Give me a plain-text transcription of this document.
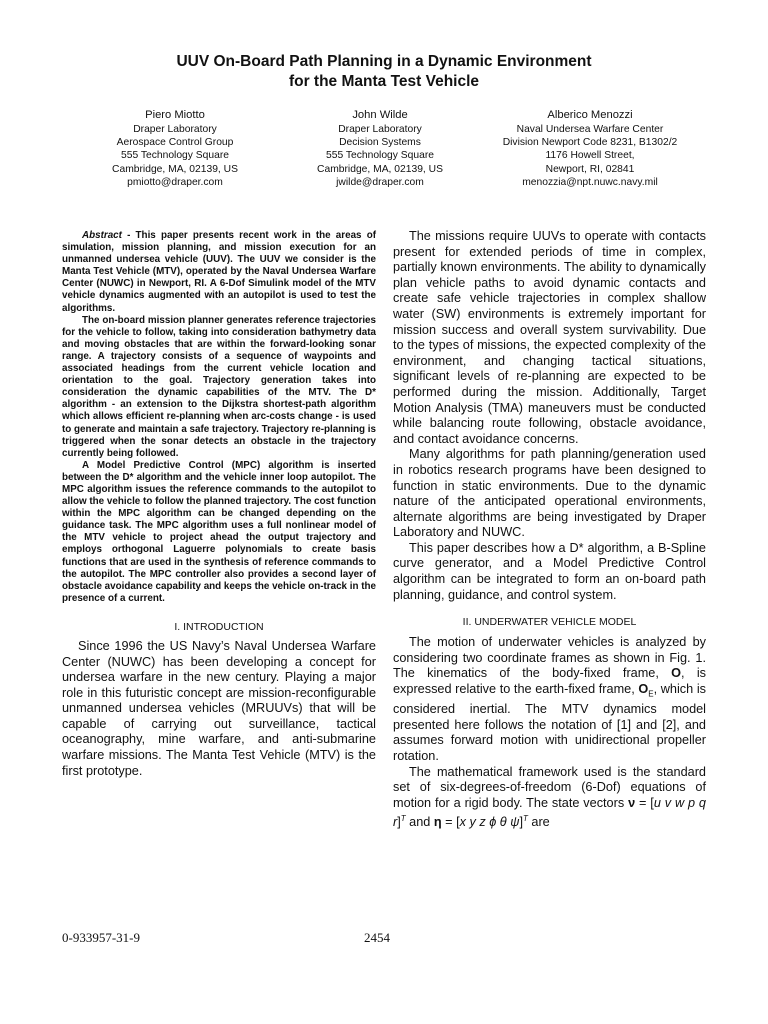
UUV On-Board Path Planning in a Dynamic Environment
for the Manta Test Vehicle
Piero Miotto
Draper Laboratory
Aerospace Control Group
555 Technology Square
Cambridge, MA, 02139, US
pmiotto@draper.com
John Wilde
Draper Laboratory
Decision Systems
555 Technology Square
Cambridge, MA, 02139, US
jwilde@draper.com
Alberico Menozzi
Naval Undersea Warfare Center
Division Newport Code 8231, B1302/2
1176 Howell Street,
Newport, RI, 02841
menozzia@npt.nuwc.navy.mil

Abstract - This paper presents recent work in the areas of simulation, mission planning, and mission execution for an unmanned undersea vehicle (UUV). The UUV we consider is the Manta Test Vehicle (MTV), operated by the Naval Undersea Warfare Center (NUWC) in Newport, RI. A 6-Dof Simulink model of the MTV vehicle dynamics augmented with an autopilot is used to test the algorithms.

The on-board mission planner generates reference trajectories for the vehicle to follow, taking into consideration bathymetry data and moving obstacles that are within the forward-looking sonar range. A trajectory consists of a sequence of waypoints and associated headings from the current vehicle location and orientation to the goal. Trajectory generation takes into consideration the dynamic capabilities of the MTV. The D* algorithm - an extension to the Dijkstra shortest-path algorithm which allows efficient re-planning when arc-costs change - is used to generate and maintain a safe trajectory. Trajectory re-planning is triggered when the sonar detects an obstacle in the trajectory currently being followed.

A Model Predictive Control (MPC) algorithm is inserted between the D* algorithm and the vehicle inner loop autopilot. The MPC algorithm issues the reference commands to the autopilot to allow the vehicle to follow the planned trajectory. The cost function within the MPC algorithm can be changed depending on the guidance task. The MPC algorithm uses a full nonlinear model of the MTV vehicle to project ahead the output trajectory and employs orthogonal Laguerre polynomials to create basis functions that are used in the synthesis of reference commands to the autopilot. The MPC controller also provides a second layer of obstacle avoidance capability and keeps the vehicle on-track in the presence of a current.

I. INTRODUCTION

Since 1996 the US Navy’s Naval Undersea Warfare Center (NUWC) has been developing a concept for undersea warfare in the new century. Playing a major role in this futuristic concept are mission-reconfigurable unmanned undersea vehicles (MRUUVs) that will be capable of carrying out surveillance, tactical oceanography, mine warfare, and anti-submarine warfare missions. The Manta Test Vehicle (MTV) is the first prototype.

The missions require UUVs to operate with contacts present for extended periods of time in complex, partially known environments. The ability to dynamically plan vehicle paths to avoid dynamic contacts and create safe vehicle trajectories in complex shallow water (SW) environments is extremely important for mission success and overall system survivability. Due to the types of missions, the expected complexity of the environment, and changing tactical situations, significant levels of re-planning are expected to be performed during the mission. Additionally, Target Motion Analysis (TMA) maneuvers must be conducted while balancing route following, obstacle avoidance, and contact avoidance concerns.

Many algorithms for path planning/generation used in robotics research programs have been designed to function in static environments. Due to the dynamic nature of the anticipated operational environments, alternate algorithms are being investigated by Draper Laboratory and NUWC.

This paper describes how a D* algorithm, a B-Spline curve generator, and a Model Predictive Control algorithm can be integrated to form an on-board path planning, guidance, and control system.

II. UNDERWATER VEHICLE MODEL

The motion of underwater vehicles is analyzed by considering two coordinate frames as shown in Fig. 1. The kinematics of the body-fixed frame, O, is expressed relative to the earth-fixed frame, $O_E$, which is considered inertial. The MTV dynamics model presented here follows the notation of [1] and [2], and assumes forward motion with unidirectional propeller rotation.

The mathematical framework used is the standard set of six-degrees-of-freedom (6-Dof) equations of motion for a rigid body. The state vectors ν = [u v w p q r]$^T$ and η = [x y z ϕ θ ψ]$^T$ are

0-933957-31-9	2454
